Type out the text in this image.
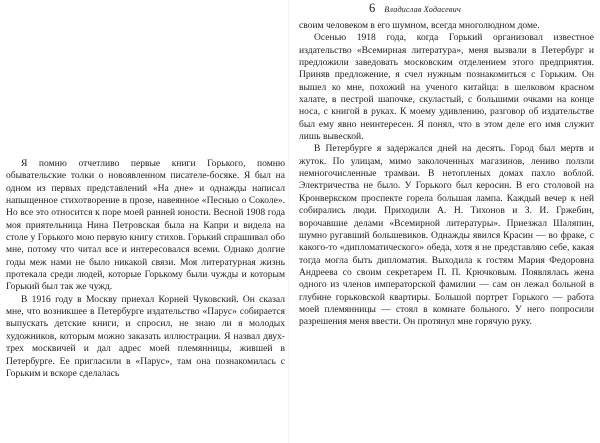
Я помню отчетливо первые книги Горького, помню обывательские толки о новоявленном писателе-босяке. Я был на одном из первых представлений «На дне» и однажды написал напыщенное стихотворение в прозе, навеянное «Песнью о Соколе». Но все это относится к поре моей ранней юности. Весной 1908 года моя приятельница Нина Петровская была на Капри и видела на столе у Горького мою первую книгу стихов. Горький спрашивал обо мне, потому что читал все и интересовался всеми. Однако долгие годы меж нами не было никакой связи. Моя литературная жизнь протекала среди людей, которые Горькому были чужды и которым Горький был так же чужд.

В 1916 году в Москву приехал Корней Чуковский. Он сказал мне, что возникшее в Петербурге издательство «Парус» собирается выпускать детские книги, и спросил, не знаю ли я молодых художников, которым можно заказать иллюстрации. Я назвал двух-трех москвичей и дал адрес моей племянницы, жившей в Петербурге. Ее пригласили в «Парус», там она познакомилась с Горьким и вскоре сделалась

6 Владислав Ходасевич

своим человеком в его шумном, всегда многолюдном доме.

Осенью 1918 года, когда Горький организовал известное издательство «Всемирная литература», меня вызвали в Петербург и предложили заведовать московским отделением этого предприятия. Приняв предложение, я счел нужным познакомиться с Горьким. Он вышел ко мне, похожий на ученого китайца: в шелковом красном халате, в пестрой шапочке, скуластый, с большими очками на конце носа, с книгой в руках. К моему удивлению, разговор об издательстве был ему явно неинтересен. Я понял, что в этом деле его имя служит лишь вывеской.

В Петербурге я задержался дней на десять. Город был мертв и жуток. По улицам, мимо заколоченных магазинов, лениво ползли немногочисленные трамваи. В нетопленых домах пахло воблой. Электричества не было. У Горького был керосин. В его столовой на Кронверкском проспекте горела большая лампа. Каждый вечер к ней собирались люди. Приходили А. Н. Тихонов и З. И. Гржебин, ворочавшие делами «Всемирной литературы». Приезжал Шаляпин, шумно ругавший большевиков. Однажды явился Красин — во фраке, с какого-то «дипломатического» обеда, хотя я не представляю себе, какая тогда могла быть дипломатия. Выходила к гостям Мария Федоровна Андреева со своим секретарем П. П. Крючковым. Появлялась жена одного из членов императорской фамилии — сам он лежал больной в глубине горьковской квартиры. Большой портрет Горького — работа моей племянницы — стоял в комнате больного. У него попросили разрешения меня ввести. Он протянул мне горячую руку.
